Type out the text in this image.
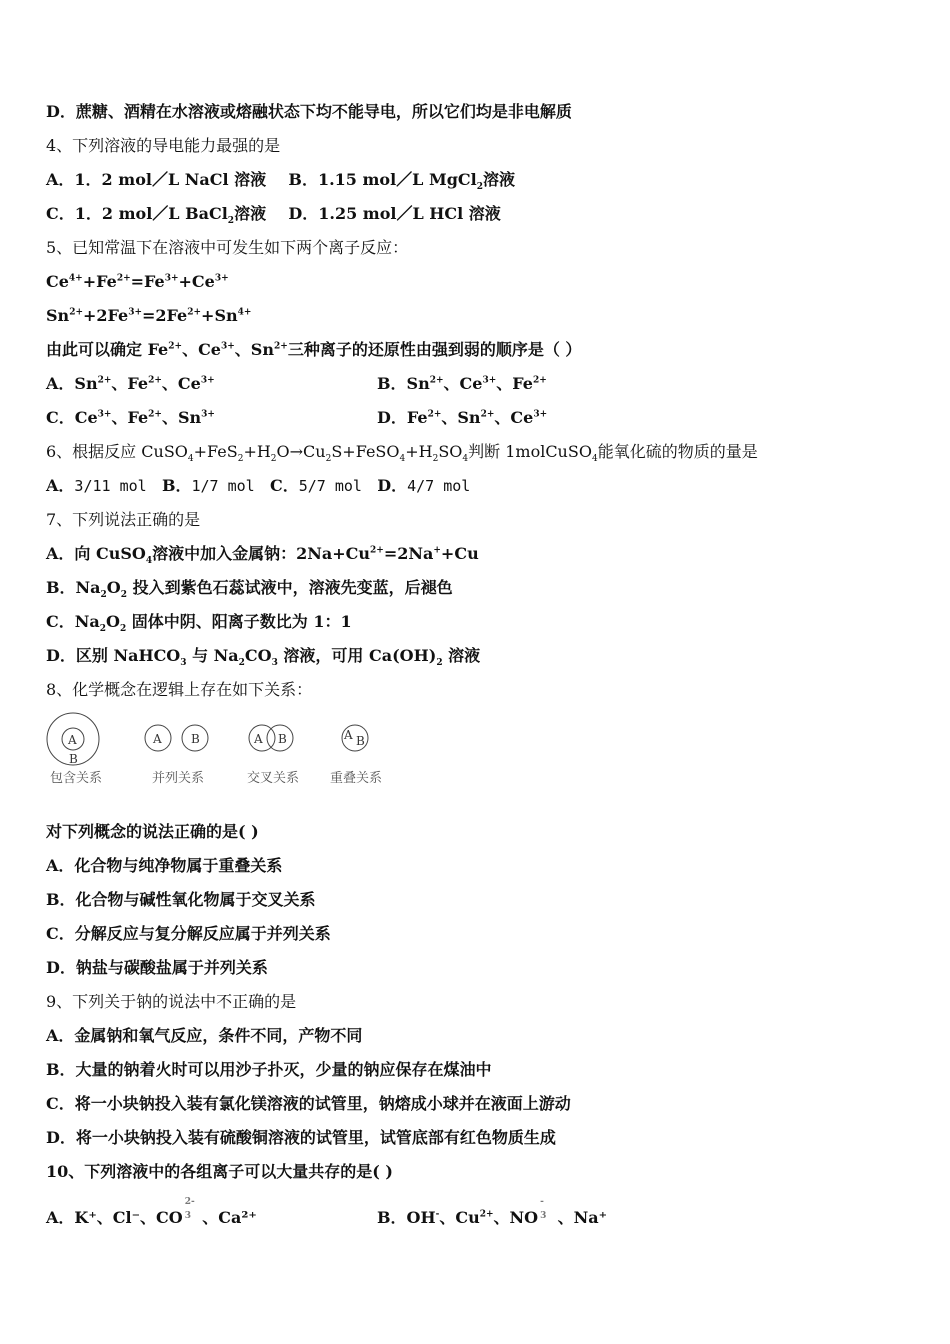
D．蔗糖、酒精在水溶液或熔融状态下均不能导电，所以它们均是非电解质
4、下列溶液的导电能力最强的是
A．1．2 mol／L NaCl 溶液 B．1.15 mol／L MgCl$_2$溶液
C．1．2 mol／L BaCl$_2$溶液 D．1.25 mol／L HCl 溶液
5、已知常温下在溶液中可发生如下两个离子反应：
$Ce^{4+}+Fe^{2+}=Fe^{3+}+Ce^{3+}$
$Sn^{2+}+2Fe^{3+}=2Fe^{2+}+Sn^{4+}$
由此可以确定 $Fe^{2+}$、$Ce^{3+}$、$Sn^{2+}$三种离子的还原性由强到弱的顺序是（ ）
A．$Sn^{2+}$、$Fe^{2+}$、$Ce^{3+}$	B．$Sn^{2+}$、$Ce^{3+}$、$Fe^{2+}$
C．$Ce^{3+}$、$Fe^{2+}$、$Sn^{3+}$	D．$Fe^{2+}$、$Sn^{2+}$、$Ce^{3+}$
6、根据反应 $CuSO_4+FeS_2+H_2O\to Cu_2S+FeSO_4+H_2SO_4$判断 1molCuSO$_4$能氧化硫的物质的量是
A．3/11 mol B．1/7 mol C．5/7 mol D．4/7 mol
7、下列说法正确的是
A．向 CuSO$_4$溶液中加入金属钠：$2Na+Cu^{2+}=2Na^++Cu$
B．$Na_2O_2$ 投入到紫色石蕊试液中，溶液先变蓝，后褪色
C．$Na_2O_2$ 固体中阴、阳离子数比为 1：1
D．区别 NaHCO$_3$ 与 $Na_2CO_3$ 溶液，可用 $Ca(OH)_2$ 溶液
8、化学概念在逻辑上存在如下关系：
A
B
A B	A B	A B
包含关系	并列关系	交叉关系 重叠关系
对下列概念的说法正确的是( )
A．化合物与纯净物属于重叠关系
B．化合物与碱性氧化物属于交叉关系
C．分解反应与复分解反应属于并列关系
D．钠盐与碳酸盐属于并列关系
9、下列关于钠的说法中不正确的是
A．金属钠和氧气反应，条件不同，产物不同
B．大量的钠着火时可以用沙子扑灭，少量的钠应保存在煤油中
C．将一小块钠投入装有氯化镁溶液的试管里，钠熔成小球并在液面上游动
D．将一小块钠投入装有硫酸铜溶液的试管里，试管底部有红色物质生成
10、下列溶液中的各组离子可以大量共存的是( )
A．K⁺、Cl⁻、CO
2-
3 、Ca²⁺	B．OH-、$Cu^{2+}$、NO
-
3 、Na⁺
